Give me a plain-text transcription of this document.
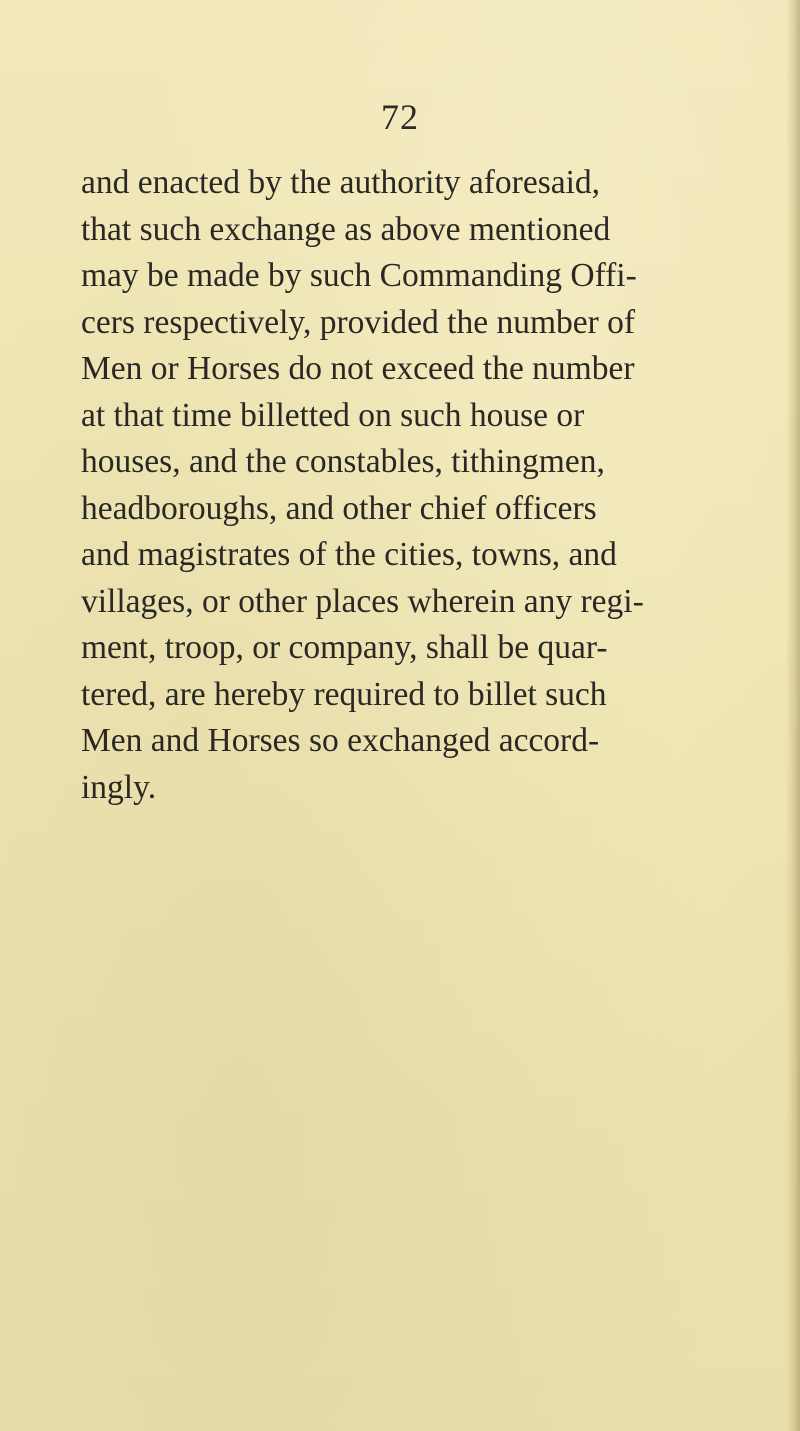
72
and enacted by the authority aforesaid,
that such exchange as above mentioned
may be made by such Commanding Offi-
cers respectively, provided the number of
Men or Horses do not exceed the number
at that time billetted on such house or
houses, and the constables, tithingmen,
headboroughs, and other chief officers
and magistrates of the cities, towns, and
villages, or other places wherein any regi-
ment, troop, or company, shall be quar-
tered, are hereby required to billet such
Men and Horses so exchanged accord-
ingly.
